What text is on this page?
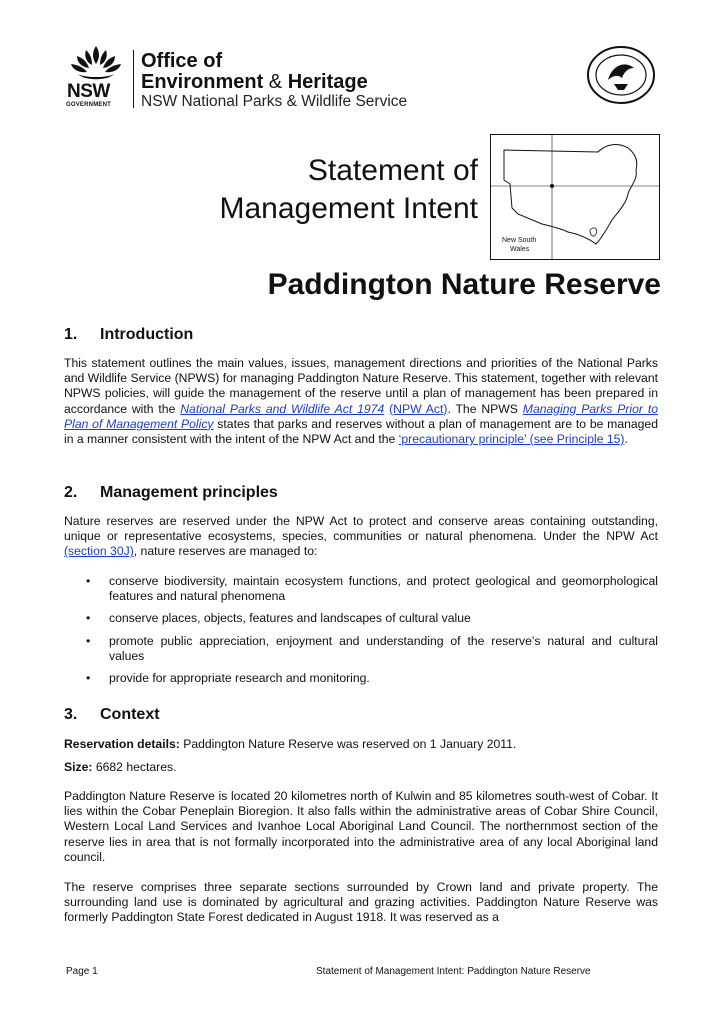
NSW
GOVERNMENT
Office of
Environment & Heritage
NSW National Parks & Wildlife Service
Statement of
Management Intent
New South
Wales
Paddington Nature Reserve
1. Introduction
This statement outlines the main values, issues, management directions and priorities of the National Parks and Wildlife Service (NPWS) for managing Paddington Nature Reserve. This statement, together with relevant NPWS policies, will guide the management of the reserve until a plan of management has been prepared in accordance with the National Parks and Wildlife Act 1974 (NPW Act). The NPWS Managing Parks Prior to Plan of Management Policy states that parks and reserves without a plan of management are to be managed in a manner consistent with the intent of the NPW Act and the ‘precautionary principle’ (see Principle 15).
2. Management principles
Nature reserves are reserved under the NPW Act to protect and conserve areas containing outstanding, unique or representative ecosystems, species, communities or natural phenomena. Under the NPW Act (section 30J), nature reserves are managed to:
• conserve biodiversity, maintain ecosystem functions, and protect geological and geomorphological features and natural phenomena
• conserve places, objects, features and landscapes of cultural value
• promote public appreciation, enjoyment and understanding of the reserve’s natural and cultural values
• provide for appropriate research and monitoring.
3. Context
Reservation details: Paddington Nature Reserve was reserved on 1 January 2011.
Size: 6682 hectares.
Paddington Nature Reserve is located 20 kilometres north of Kulwin and 85 kilometres south-west of Cobar. It lies within the Cobar Peneplain Bioregion. It also falls within the administrative areas of Cobar Shire Council, Western Local Land Services and Ivanhoe Local Aboriginal Land Council. The northernmost section of the reserve lies in area that is not formally incorporated into the administrative area of any local Aboriginal land council.
The reserve comprises three separate sections surrounded by Crown land and private property. The surrounding land use is dominated by agricultural and grazing activities. Paddington Nature Reserve was formerly Paddington State Forest dedicated in August 1918. It was reserved as a
Page 1	Statement of Management Intent: Paddington Nature Reserve
